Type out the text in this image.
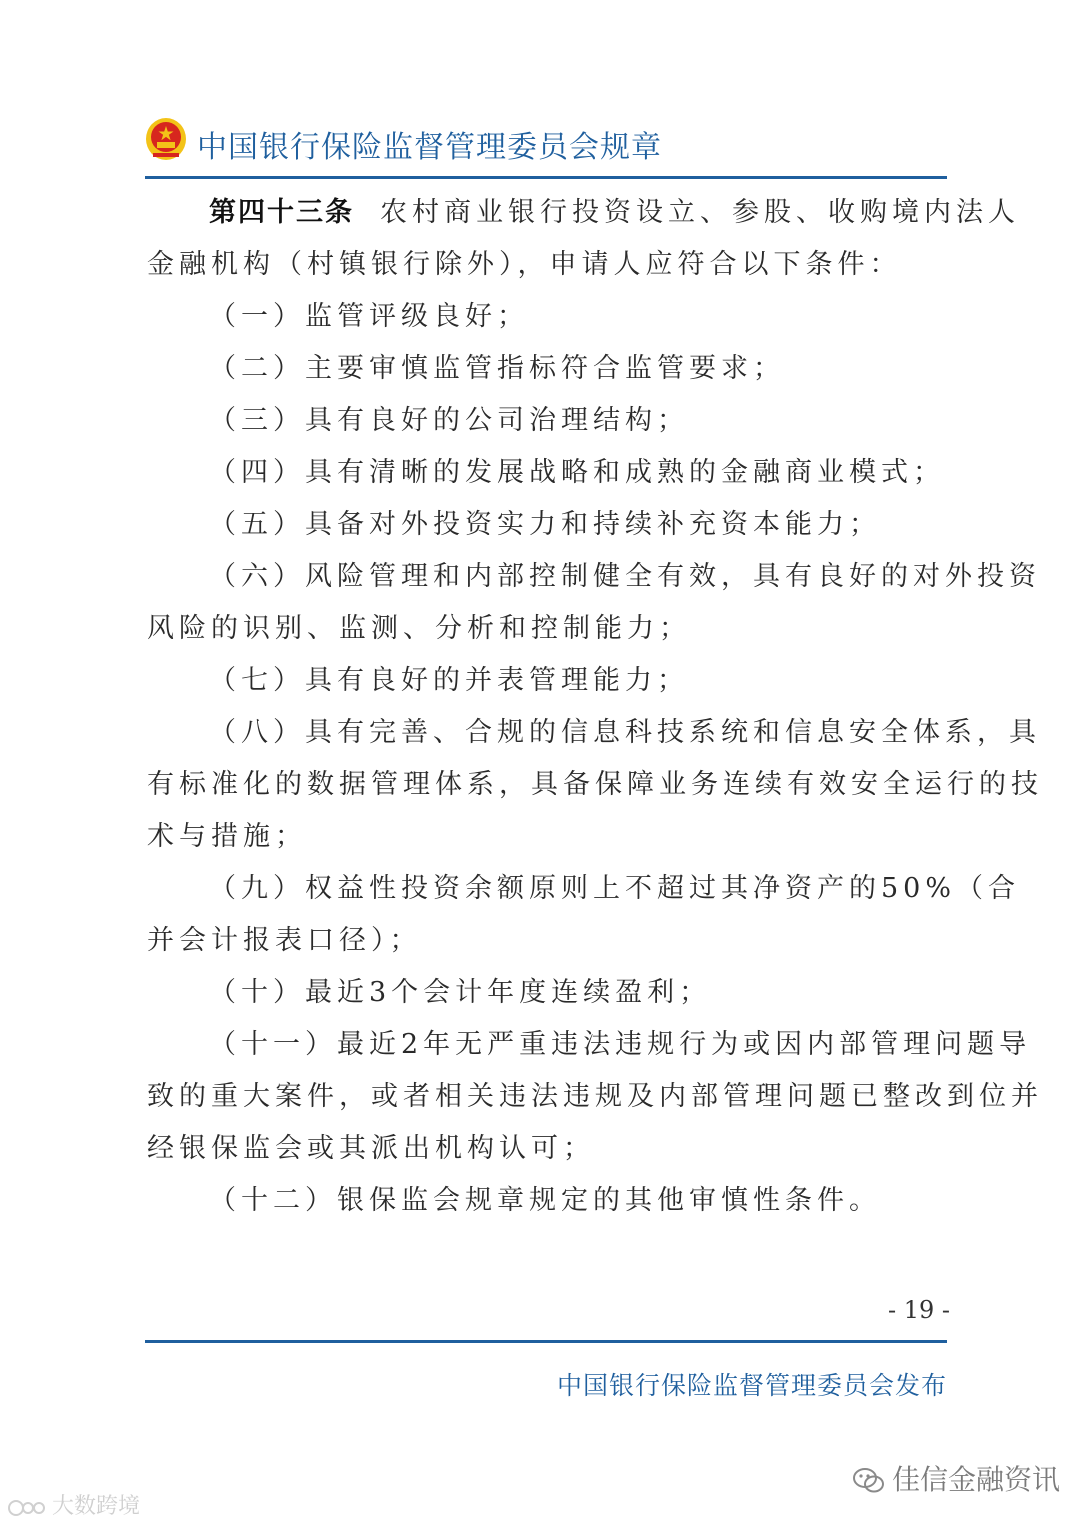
中国银行保险监督管理委员会规章
第四十三条 农村商业银行投资设立、参股、收购境内法人
金融机构（村镇银行除外），申请人应符合以下条件：
（一）监管评级良好；
（二）主要审慎监管指标符合监管要求；
（三）具有良好的公司治理结构；
（四）具有清晰的发展战略和成熟的金融商业模式；
（五）具备对外投资实力和持续补充资本能力；
（六）风险管理和内部控制健全有效，具有良好的对外投资
风险的识别、监测、分析和控制能力；
（七）具有良好的并表管理能力；
（八）具有完善、合规的信息科技系统和信息安全体系，具
有标准化的数据管理体系，具备保障业务连续有效安全运行的技
术与措施；
（九）权益性投资余额原则上不超过其净资产的50%（合
并会计报表口径）；
（十）最近3个会计年度连续盈利；
（十一）最近2年无严重违法违规行为或因内部管理问题导
致的重大案件，或者相关违法违规及内部管理问题已整改到位并
经银保监会或其派出机构认可；
（十二）银保监会规章规定的其他审慎性条件。
- 19 -
中国银行保险监督管理委员会发布
佳信金融资讯
大数跨境
